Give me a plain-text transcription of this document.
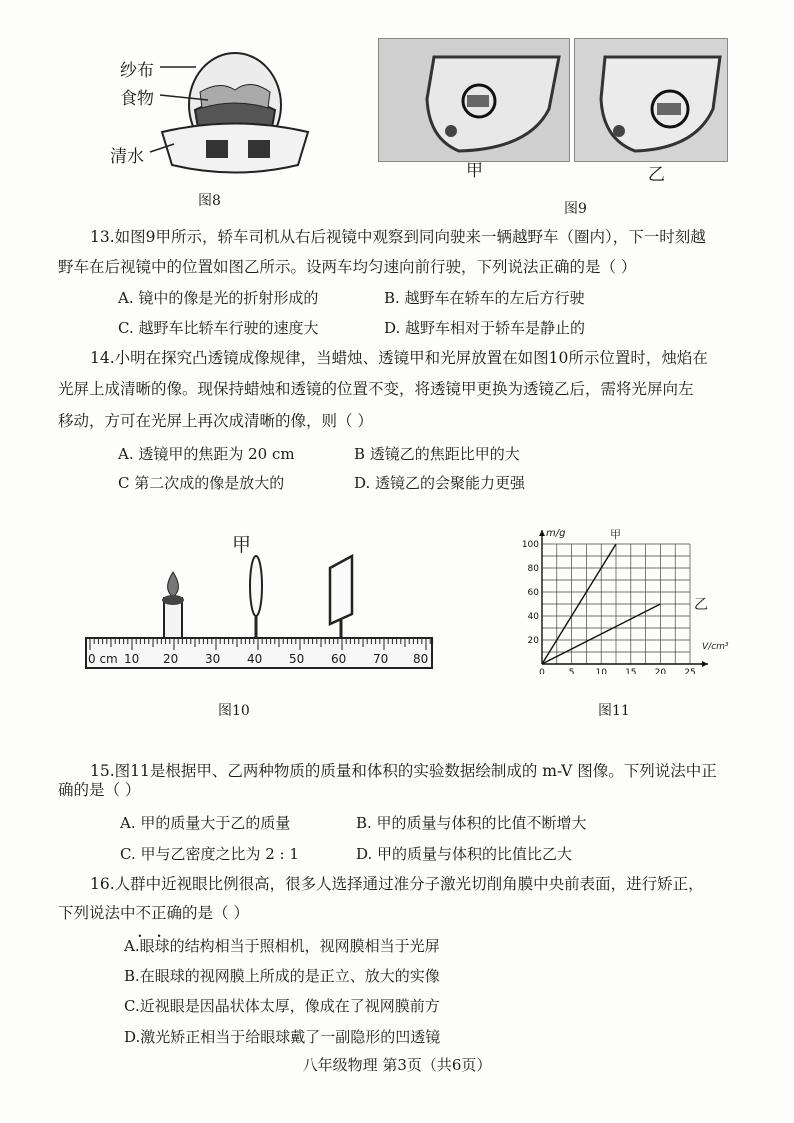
纱布
食物
清水
图8
甲	乙
图9
13.如图9甲所示，轿车司机从右后视镜中观察到同向驶来一辆越野车（圈内），下一时刻越
野车在后视镜中的位置如图乙所示。设两车均匀速向前行驶，下列说法正确的是（ ）
A. 镜中的像是光的折射形成的	B. 越野车在轿车的左后方行驶
C. 越野车比轿车行驶的速度大	D. 越野车相对于轿车是静止的
14.小明在探究凸透镜成像规律，当蜡烛、透镜甲和光屏放置在如图10所示位置时，烛焰在
光屏上成清晰的像。现保持蜡烛和透镜的位置不变，将透镜甲更换为透镜乙后，需将光屏向左
移动，方可在光屏上再次成清晰的像，则（ ）
A. 透镜甲的焦距为 20 cm	B 透镜乙的焦距比甲的大
C 第二次成的像是放大的	D. 透镜乙的会聚能力更强
甲
0 cm 10 20 30 40 50 60 70 80
图10
0	5 10 15 20 25
20
40
60
80
100
m/g
V/cm³
甲
乙
图11
15.图11是根据甲、乙两种物质的质量和体积的实验数据绘制成的 m-V 图像。下列说法中正
确的是（ ）
A. 甲的质量大于乙的质量	B. 甲的质量与体积的比值不断增大
C. 甲与乙密度之比为 2 : 1	D. 甲的质量与体积的比值比乙大
16.人群中近视眼比例很高，很多人选择通过准分子激光切削角膜中央前表面，进行矫正，
下列说法中不正确 • •的是（ ）
A.眼球的结构相当于照相机，视网膜相当于光屏
B.在眼球的视网膜上所成的是正立、放大的实像
C.近视眼是因晶状体太厚，像成在了视网膜前方
D.激光矫正相当于给眼球戴了一副隐形的凹透镜
八年级物理 第3页（共6页）
